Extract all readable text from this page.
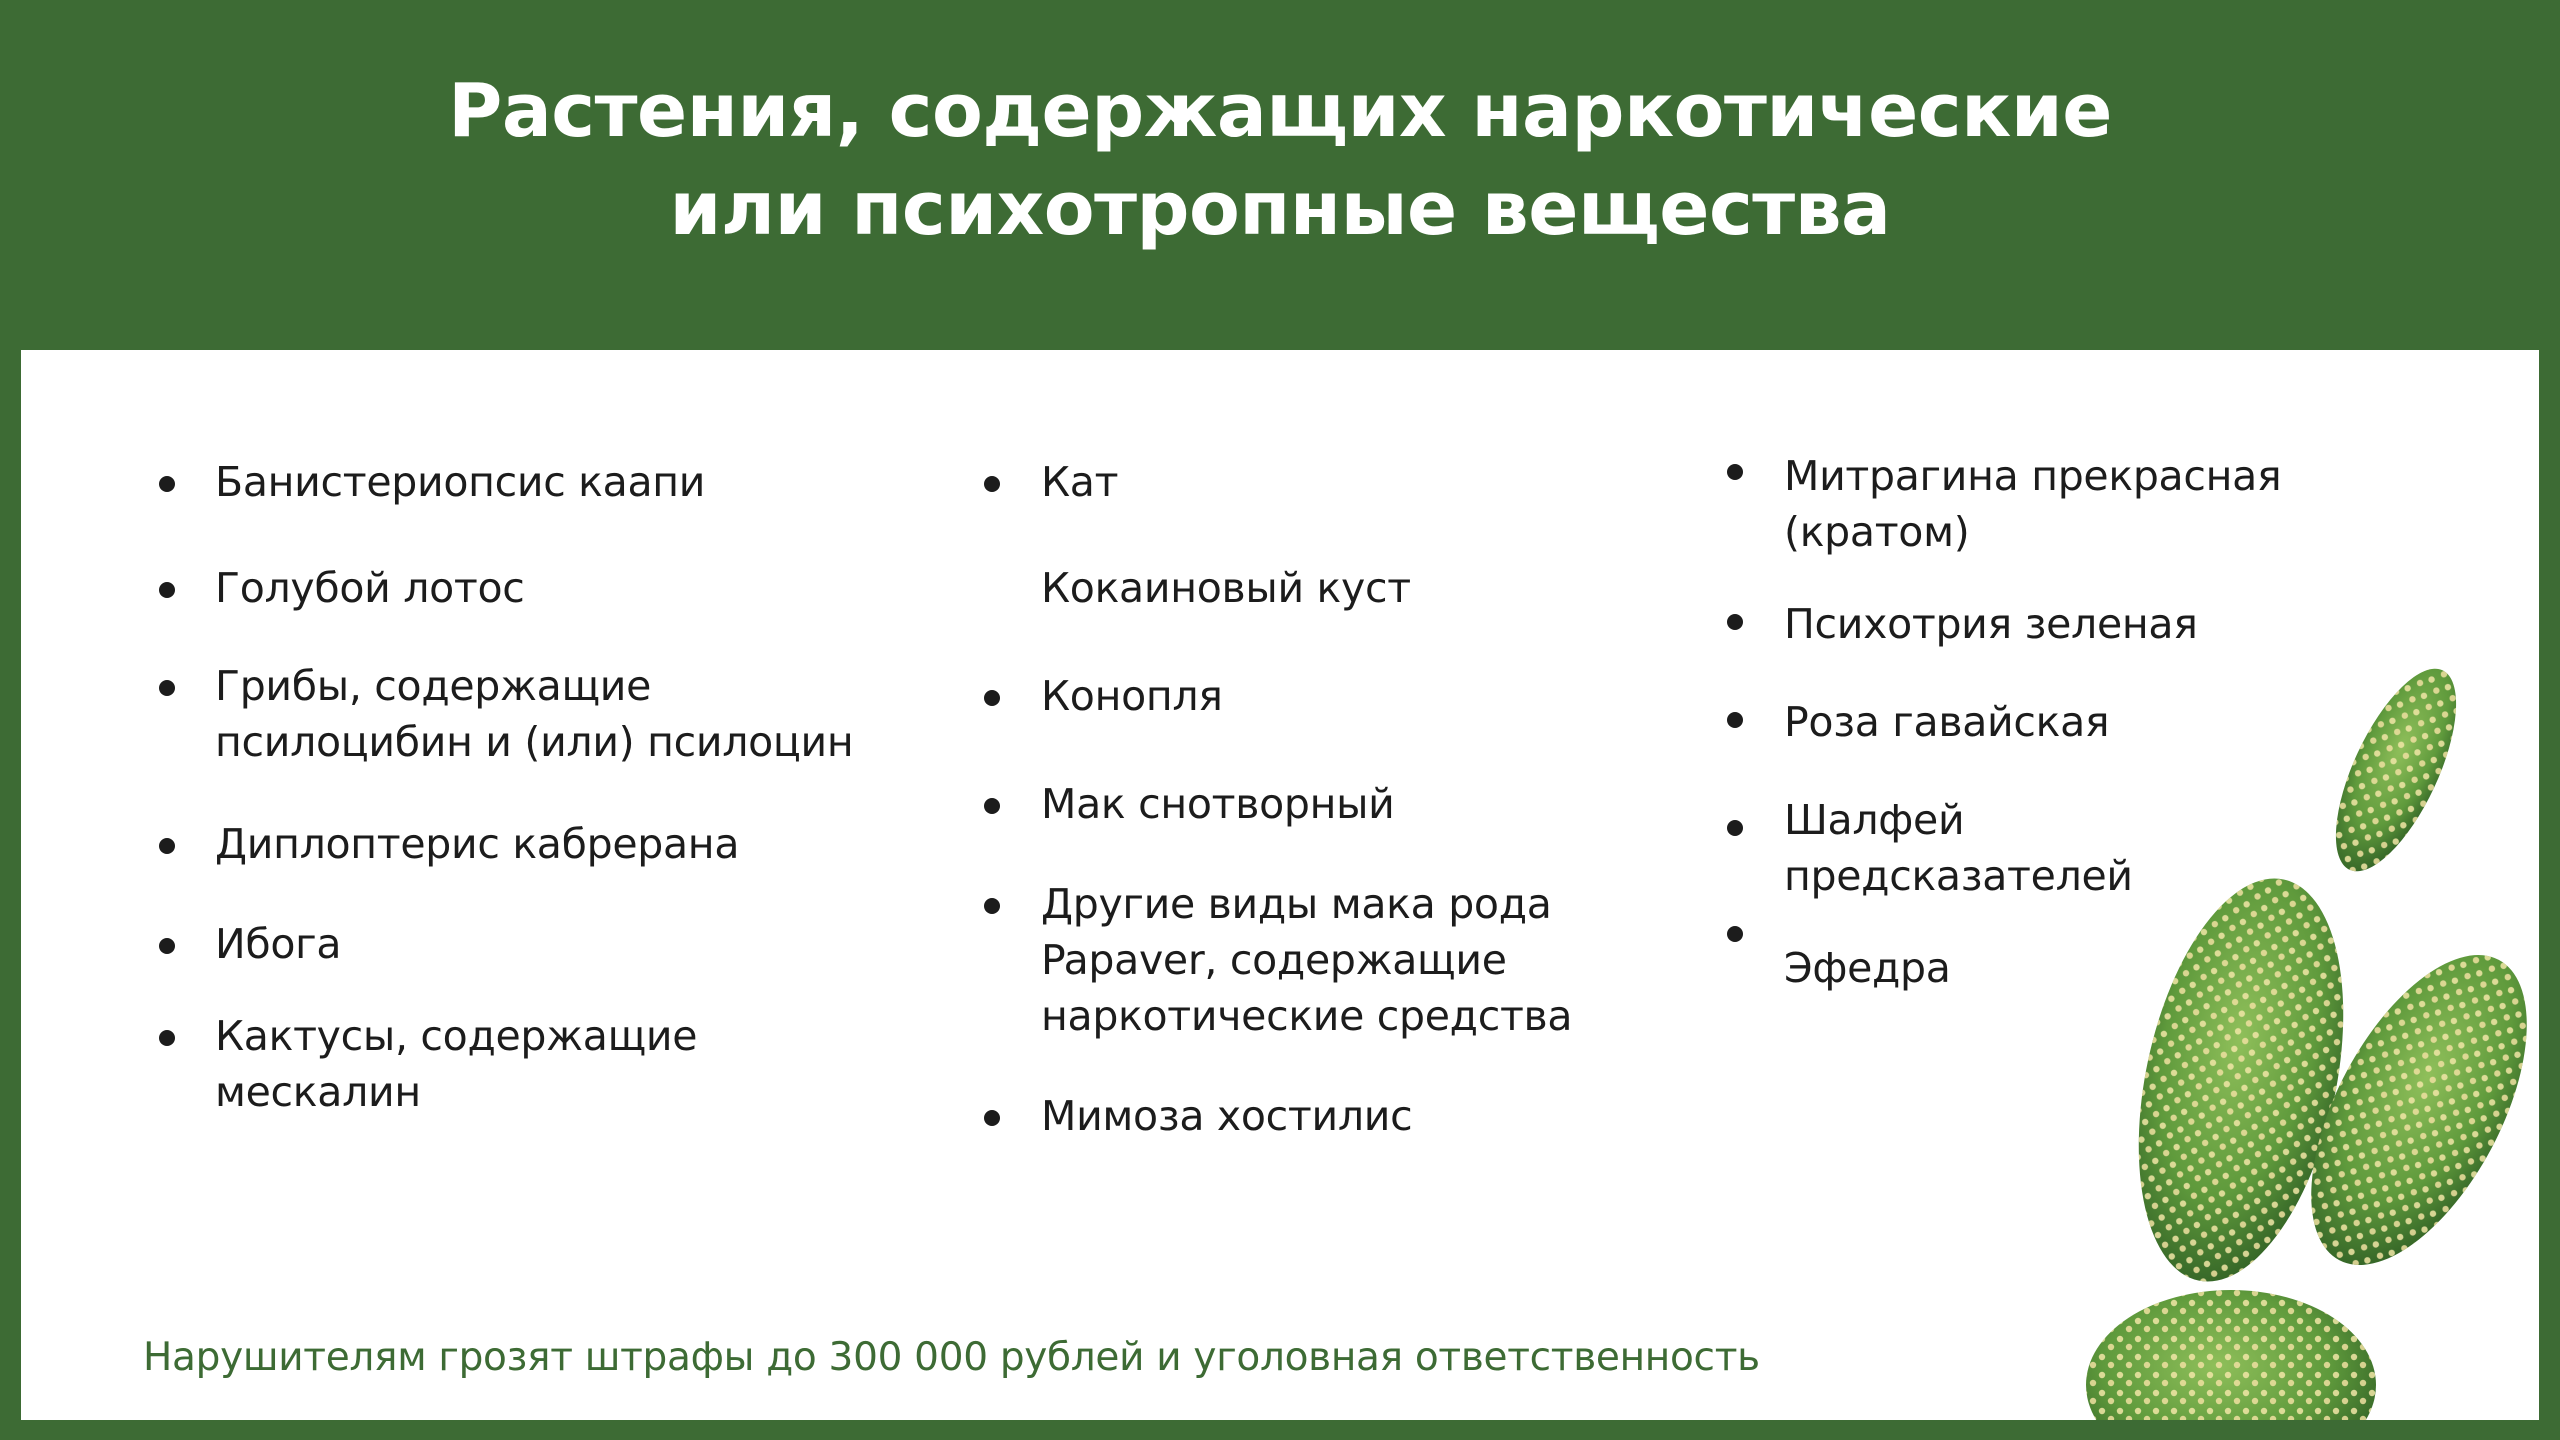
Растения, содержащих наркотические
или психотропные вещества
Банистериопсис каапи
Голубой лотос
Грибы, содержащие
псилоцибин и (или) псилоцин
Диплоптерис кабрерана
Ибога
Кактусы, содержащие
мескалин
Кат
Кокаиновый куст
Конопля
Мак снотворный
Другие виды мака рода
Papaver, содержащие
наркотические средства
Мимоза хостилис
Митрагина прекрасная
(кратом)
Психотрия зеленая
Роза гавайская
Шалфей
предсказателей
Эфедра
Нарушителям грозят штрафы до 300 000 рублей и уголовная ответственность
